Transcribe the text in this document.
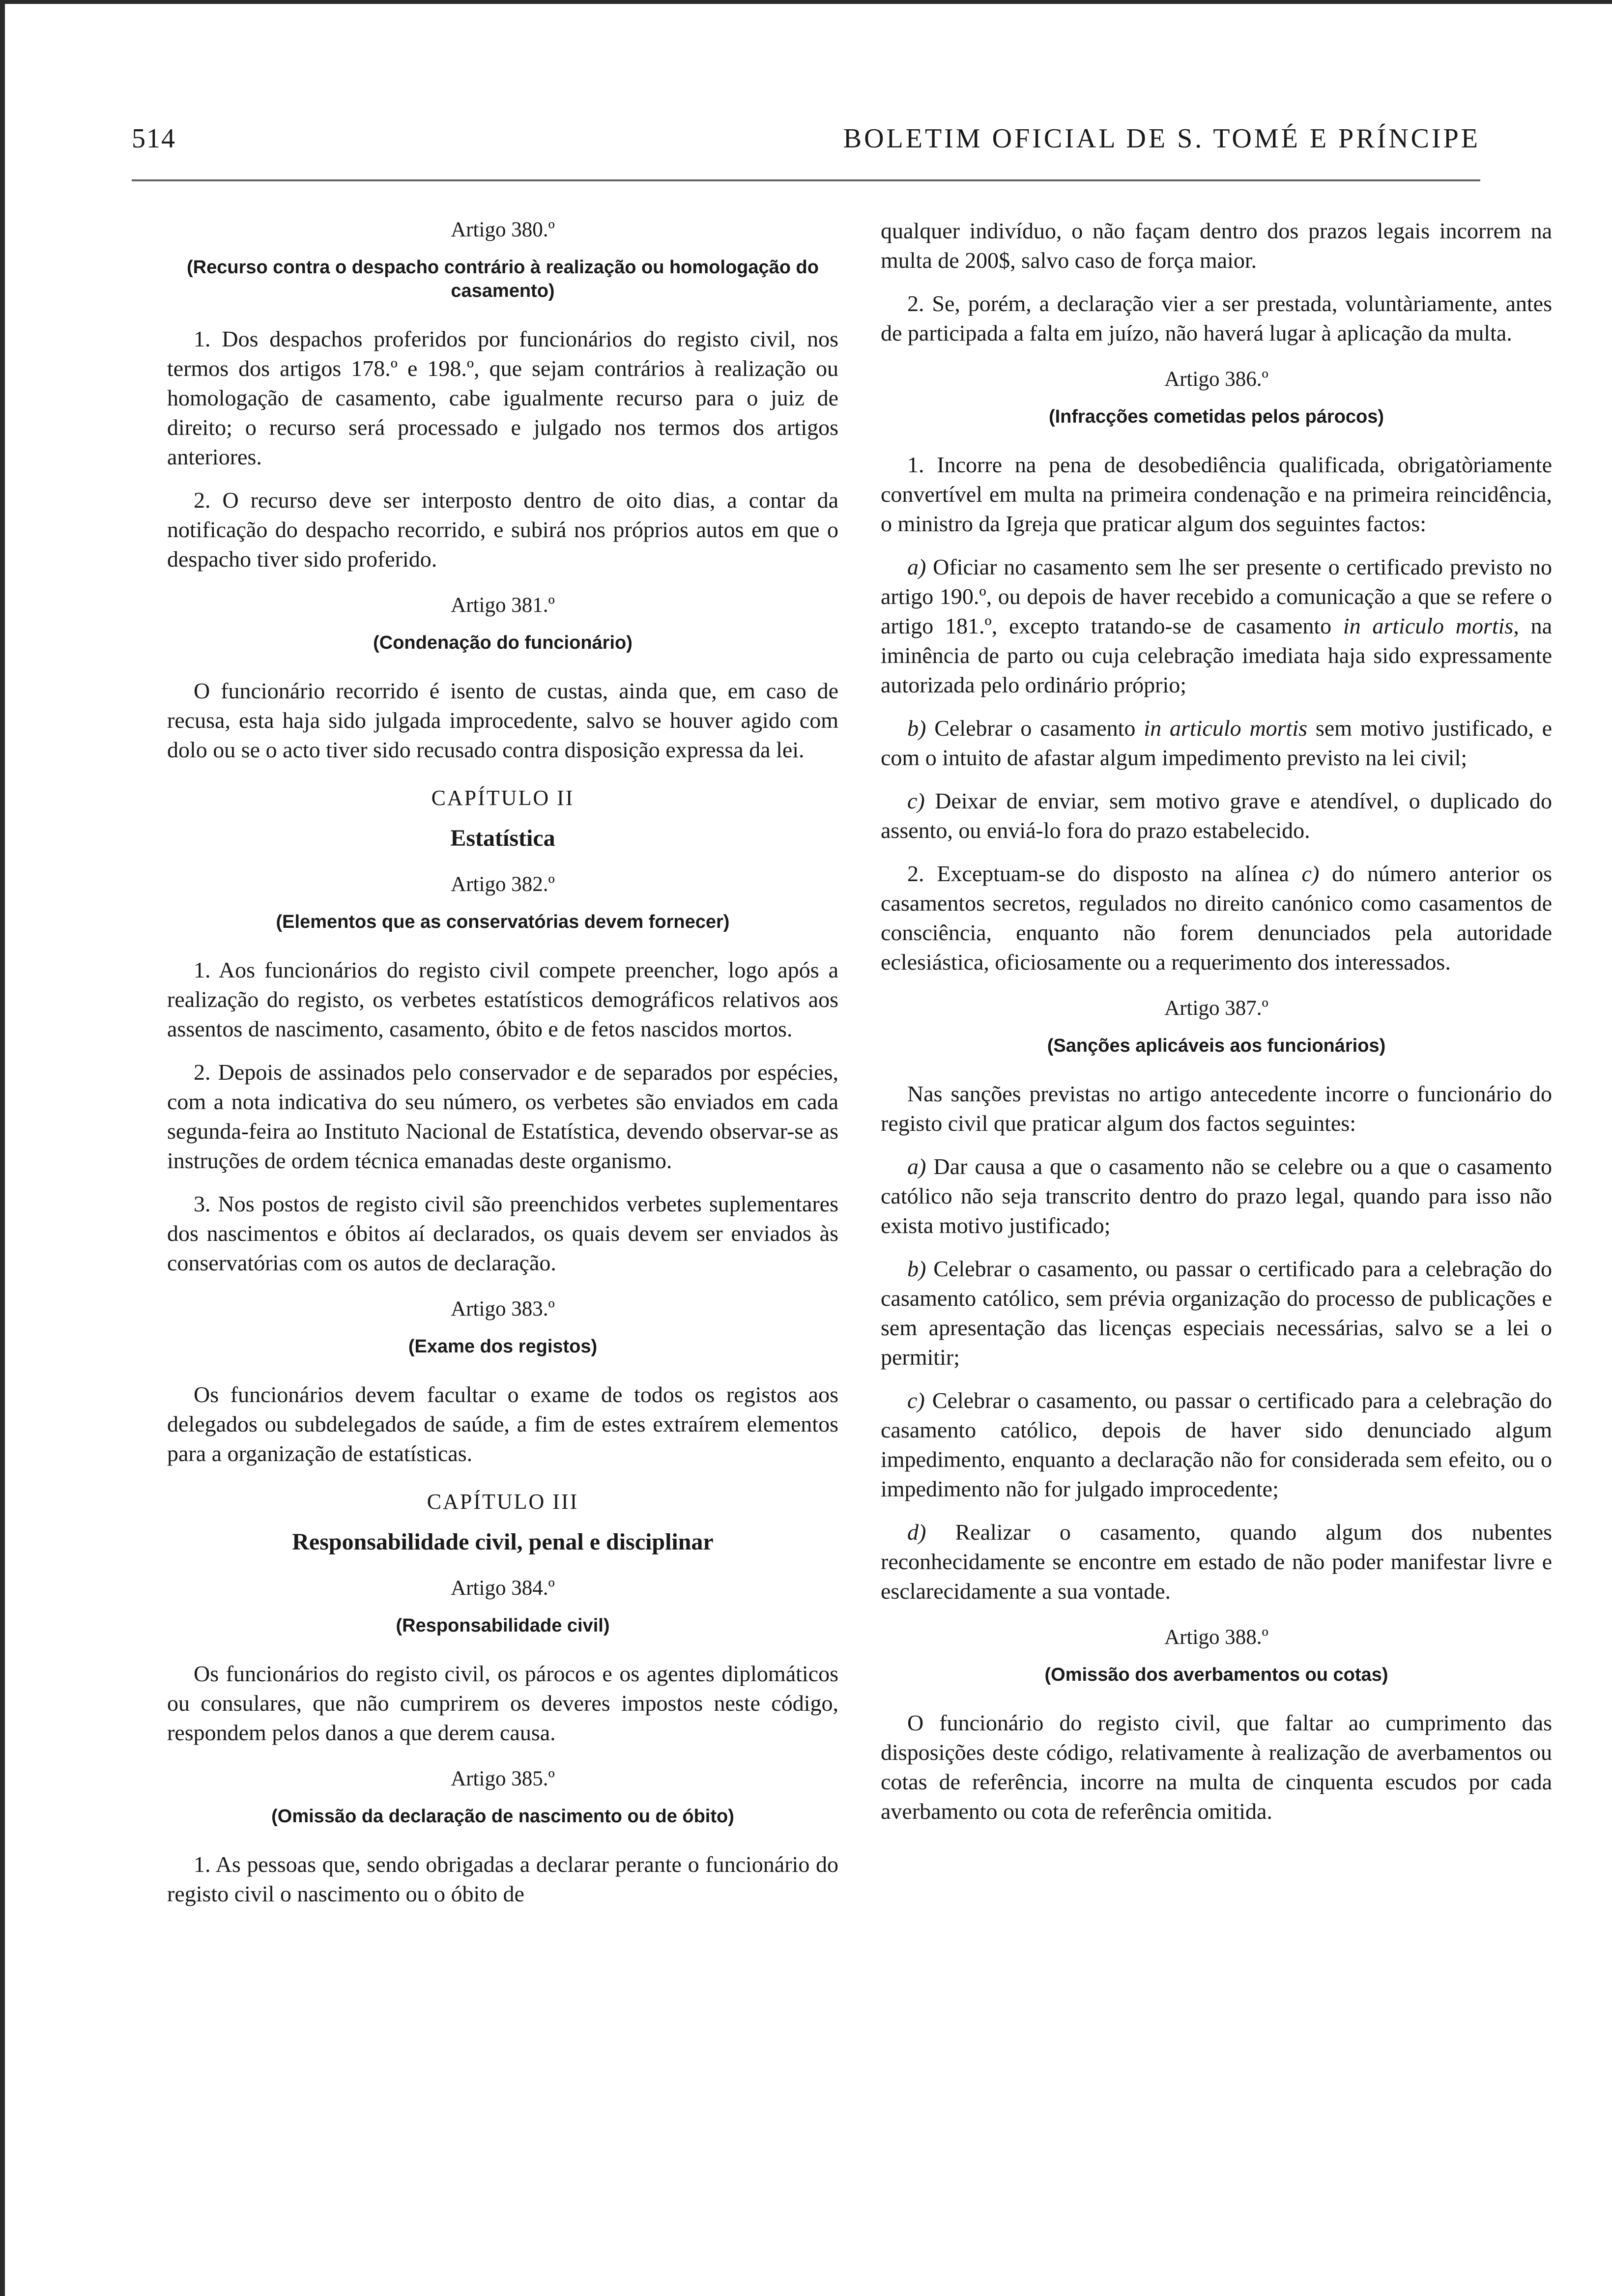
514	BOLETIM OFICIAL DE S. TOMÉ E PRÍNCIPE
Artigo 380.º
(Recurso contra o despacho contrário à realização ou homologação do casamento)

1. Dos despachos proferidos por funcionários do registo civil, nos termos dos artigos 178.º e 198.º, que sejam contrários à realização ou homologação de casamento, cabe igualmente recurso para o juiz de direito; o recurso será processado e julgado nos termos dos artigos anteriores.

2. O recurso deve ser interposto dentro de oito dias, a contar da notificação do despacho recorrido, e subirá nos próprios autos em que o despacho tiver sido proferido.

Artigo 381.º
(Condenação do funcionário)

O funcionário recorrido é isento de custas, ainda que, em caso de recusa, esta haja sido julgada improcedente, salvo se houver agido com dolo ou se o acto tiver sido recusado contra disposição expressa da lei.

CAPÍTULO II
Estatística
Artigo 382.º
(Elementos que as conservatórias devem fornecer)

1. Aos funcionários do registo civil compete preencher, logo após a realização do registo, os verbetes estatísticos demográficos relativos aos assentos de nascimento, casamento, óbito e de fetos nascidos mortos.

2. Depois de assinados pelo conservador e de separados por espécies, com a nota indicativa do seu número, os verbetes são enviados em cada segunda-feira ao Instituto Nacional de Estatística, devendo observar-se as instruções de ordem técnica emanadas deste organismo.

3. Nos postos de registo civil são preenchidos verbetes suplementares dos nascimentos e óbitos aí declarados, os quais devem ser enviados às conservatórias com os autos de declaração.

Artigo 383.º
(Exame dos registos)

Os funcionários devem facultar o exame de todos os registos aos delegados ou subdelegados de saúde, a fim de estes extraírem elementos para a organização de estatísticas.

CAPÍTULO III
Responsabilidade civil, penal e disciplinar
Artigo 384.º
(Responsabilidade civil)

Os funcionários do registo civil, os párocos e os agentes diplomáticos ou consulares, que não cumprirem os deveres impostos neste código, respondem pelos danos a que derem causa.

Artigo 385.º
(Omissão da declaração de nascimento ou de óbito)

1. As pessoas que, sendo obrigadas a declarar perante o funcionário do registo civil o nascimento ou o óbito de

qualquer indivíduo, o não façam dentro dos prazos legais incorrem na multa de 200$, salvo caso de força maior.

2. Se, porém, a declaração vier a ser prestada, voluntàriamente, antes de participada a falta em juízo, não haverá lugar à aplicação da multa.

Artigo 386.º
(Infracções cometidas pelos párocos)

1. Incorre na pena de desobediência qualificada, obrigatòriamente convertível em multa na primeira condenação e na primeira reincidência, o ministro da Igreja que praticar algum dos seguintes factos:

a) Oficiar no casamento sem lhe ser presente o certificado previsto no artigo 190.º, ou depois de haver recebido a comunicação a que se refere o artigo 181.º, excepto tratando-se de casamento in articulo mortis, na iminência de parto ou cuja celebração imediata haja sido expressamente autorizada pelo ordinário próprio;

b) Celebrar o casamento in articulo mortis sem motivo justificado, e com o intuito de afastar algum impedimento previsto na lei civil;

c) Deixar de enviar, sem motivo grave e atendível, o duplicado do assento, ou enviá-lo fora do prazo estabelecido.

2. Exceptuam-se do disposto na alínea c) do número anterior os casamentos secretos, regulados no direito canónico como casamentos de consciência, enquanto não forem denunciados pela autoridade eclesiástica, oficiosamente ou a requerimento dos interessados.

Artigo 387.º
(Sanções aplicáveis aos funcionários)

Nas sanções previstas no artigo antecedente incorre o funcionário do registo civil que praticar algum dos factos seguintes:

a) Dar causa a que o casamento não se celebre ou a que o casamento católico não seja transcrito dentro do prazo legal, quando para isso não exista motivo justificado;

b) Celebrar o casamento, ou passar o certificado para a celebração do casamento católico, sem prévia organização do processo de publicações e sem apresentação das licenças especiais necessárias, salvo se a lei o permitir;

c) Celebrar o casamento, ou passar o certificado para a celebração do casamento católico, depois de haver sido denunciado algum impedimento, enquanto a declaração não for considerada sem efeito, ou o impedimento não for julgado improcedente;

d) Realizar o casamento, quando algum dos nubentes reconhecidamente se encontre em estado de não poder manifestar livre e esclarecidamente a sua vontade.

Artigo 388.º
(Omissão dos averbamentos ou cotas)

O funcionário do registo civil, que faltar ao cumprimento das disposições deste código, relativamente à realização de averbamentos ou cotas de referência, incorre na multa de cinquenta escudos por cada averbamento ou cota de referência omitida.
